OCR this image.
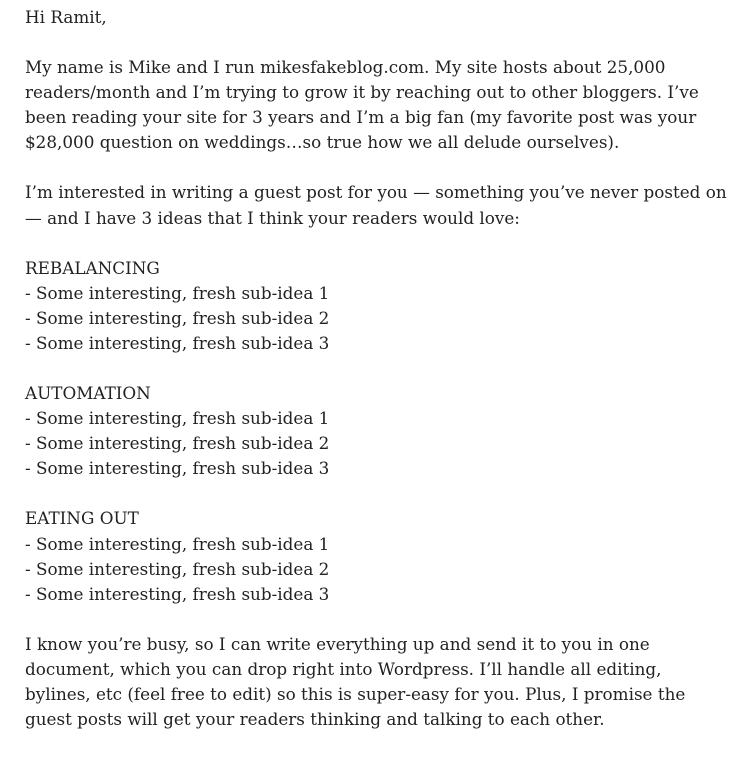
Hi Ramit,

My name is Mike and I run mikesfakeblog.com. My site hosts about 25,000
readers/month and I’m trying to grow it by reaching out to other bloggers. I’ve
been reading your site for 3 years and I’m a big fan (my favorite post was your
$28,000 question on weddings…so true how we all delude ourselves).

I’m interested in writing a guest post for you — something you’ve never posted on
— and I have 3 ideas that I think your readers would love:

REBALANCING
- Some interesting, fresh sub-idea 1
- Some interesting, fresh sub-idea 2
- Some interesting, fresh sub-idea 3
AUTOMATION
- Some interesting, fresh sub-idea 1
- Some interesting, fresh sub-idea 2
- Some interesting, fresh sub-idea 3
EATING OUT
- Some interesting, fresh sub-idea 1
- Some interesting, fresh sub-idea 2
- Some interesting, fresh sub-idea 3

I know you’re busy, so I can write everything up and send it to you in one
document, which you can drop right into Wordpress. I’ll handle all editing,
bylines, etc (feel free to edit) so this is super-easy for you. Plus, I promise the
guest posts will get your readers thinking and talking to each other.
